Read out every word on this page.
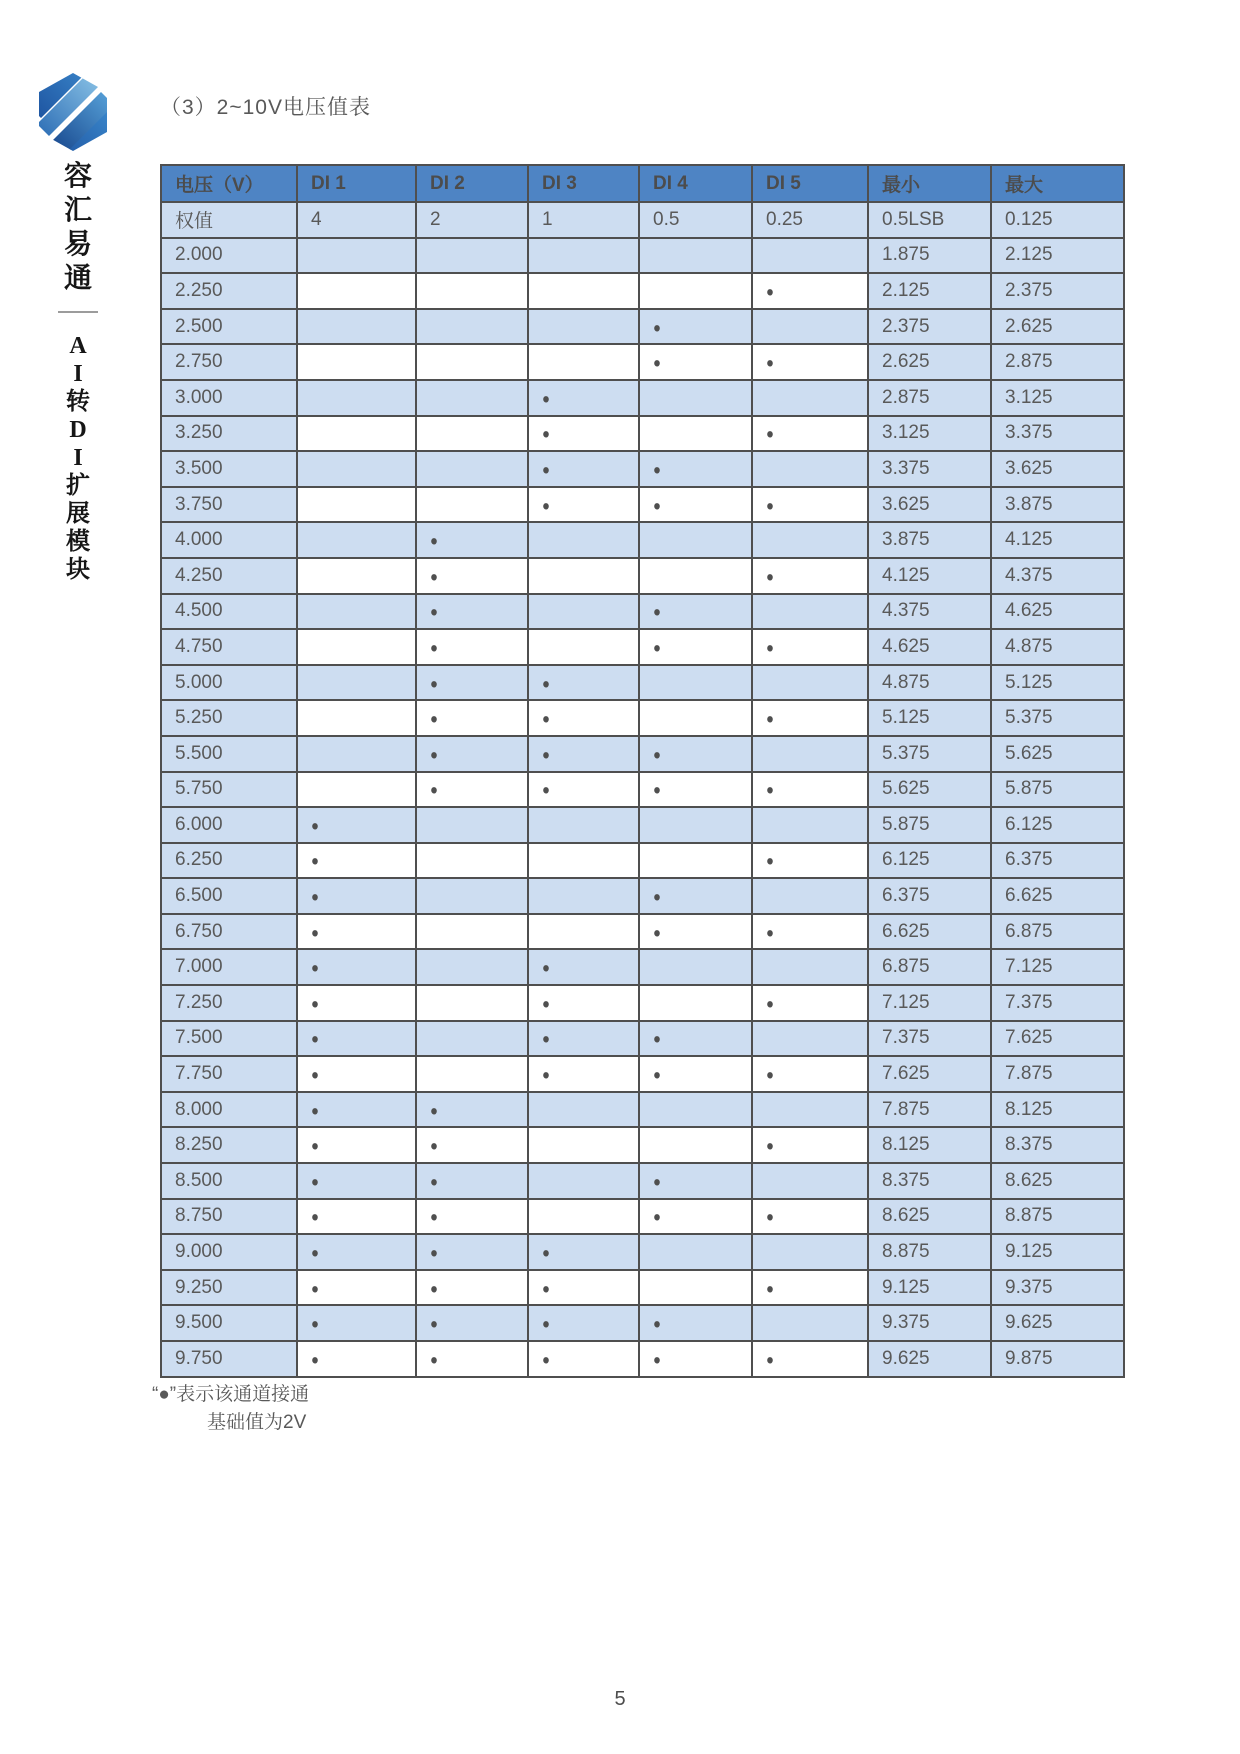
容
汇
易
通
A
I
转
D
I
扩
展
模
块
（3）2~10V电压值表
电压（V）	DI 1	DI 2	DI 3	DI 4	DI 5	最小	最大
权值	4	2	1	0.5	0.25	0.5LSB	0.125
2.000						1.875	2.125
2.250					●	2.125	2.375
2.500				●		2.375	2.625
2.750				●	●	2.625	2.875
3.000			●			2.875	3.125
3.250			●		●	3.125	3.375
3.500			●	●		3.375	3.625
3.750			●	●	●	3.625	3.875
4.000		●				3.875	4.125
4.250		●			●	4.125	4.375
4.500		●		●		4.375	4.625
4.750		●		●	●	4.625	4.875
5.000		●	●			4.875	5.125
5.250		●	●		●	5.125	5.375
5.500		●	●	●		5.375	5.625
5.750		●	●	●	●	5.625	5.875
6.000	●					5.875	6.125
6.250	●				●	6.125	6.375
6.500	●			●		6.375	6.625
6.750	●			●	●	6.625	6.875
7.000	●		●			6.875	7.125
7.250	●		●		●	7.125	7.375
7.500	●		●	●		7.375	7.625
7.750	●		●	●	●	7.625	7.875
8.000	●	●				7.875	8.125
8.250	●	●			●	8.125	8.375
8.500	●	●		●		8.375	8.625
8.750	●	●		●	●	8.625	8.875
9.000	●	●	●			8.875	9.125
9.250	●	●	●		●	9.125	9.375
9.500	●	●	●	●		9.375	9.625
9.750	●	●	●	●	●	9.625	9.875
“●”表示该通道接通
基础值为2V
5
